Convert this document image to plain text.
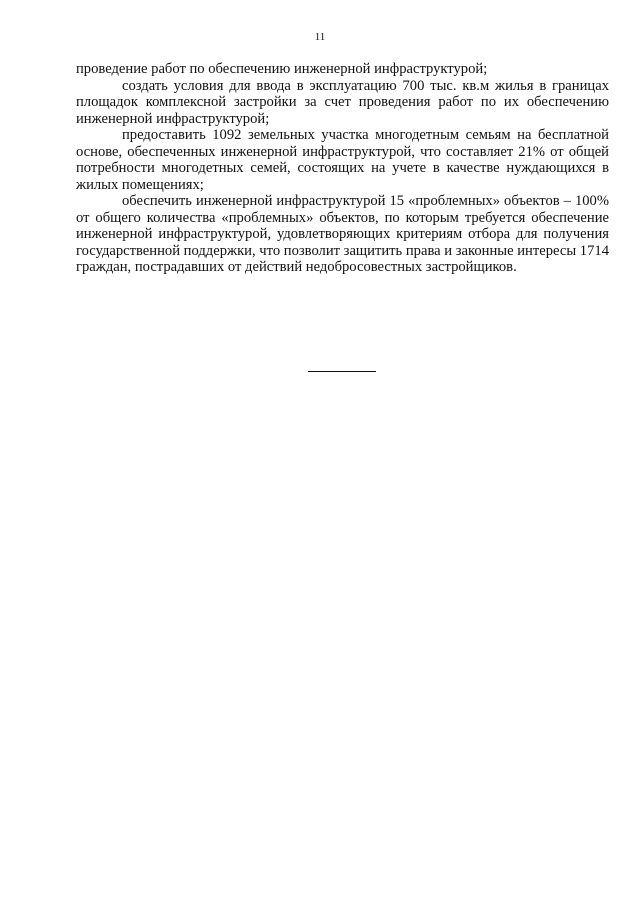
11

проведение работ по обеспечению инженерной инфраструктурой;

создать условия для ввода в эксплуатацию 700 тыс. кв.м жилья в границах площадок комплексной застройки за счет проведения работ по их обеспечению инженерной инфраструктурой;

предоставить 1092 земельных участка многодетным семьям на бесплатной основе, обеспеченных инженерной инфраструктурой, что составляет 21% от общей потребности многодетных семей, состоящих на учете в качестве нуждающихся в жилых помещениях;

обеспечить инженерной инфраструктурой 15 «проблемных» объектов – 100% от общего количества «проблемных» объектов, по которым требуется обеспечение инженерной инфраструктурой, удовлетворяющих критериям отбора для получения государственной поддержки, что позволит защитить права и законные интересы 1714 граждан, пострадавших от действий недобросовестных застройщиков.
